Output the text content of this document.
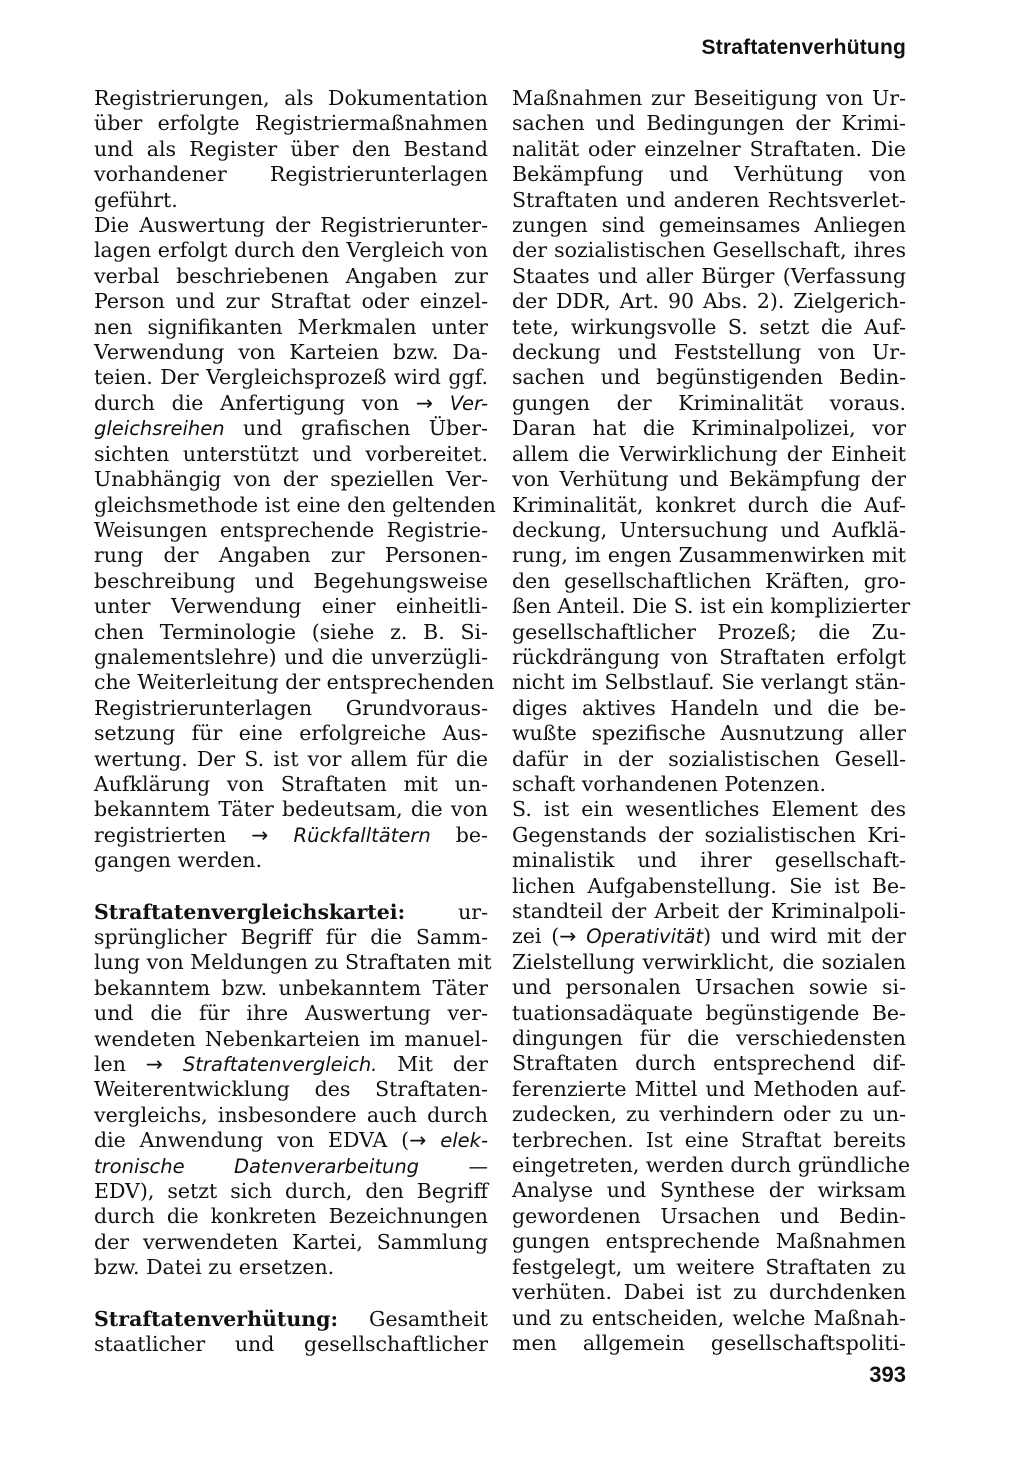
Straftatenverhütung

Registrierungen, als Dokumentation
über erfolgte Registriermaßnahmen
und als Register über den Bestand
vorhandener Registrierunterlagen
geführt.

Die Auswertung der Registrierunter-
lagen erfolgt durch den Vergleich von
verbal beschriebenen Angaben zur
Person und zur Straftat oder einzel-
nen signifikanten Merkmalen unter
Verwendung von Karteien bzw. Da-
teien. Der Vergleichsprozeß wird ggf.
durch die Anfertigung von → Ver-
gleichsreihen und grafischen Über-
sichten unterstützt und vorbereitet.
Unabhängig von der speziellen Ver-
gleichsmethode ist eine den geltenden
Weisungen entsprechende Registrie-
rung der Angaben zur Personen-
beschreibung und Begehungsweise
unter Verwendung einer einheitli-
chen Terminologie (siehe z. B. Si-
gnalementslehre) und die unverzügli-
che Weiterleitung der entsprechenden
Registrierunterlagen Grundvoraus-
setzung für eine erfolgreiche Aus-
wertung. Der S. ist vor allem für die
Aufklärung von Straftaten mit un-
bekanntem Täter bedeutsam, die von
registrierten → Rückfalltätern be-
gangen werden.

Straftatenvergleichskartei: ur-
sprünglicher Begriff für die Samm-
lung von Meldungen zu Straftaten mit
bekanntem bzw. unbekanntem Täter
und die für ihre Auswertung ver-
wendeten Nebenkarteien im manuel-
len → Straftatenvergleich. Mit der
Weiterentwicklung des Straftaten-
vergleichs, insbesondere auch durch
die Anwendung von EDVA (→ elek-
tronische Datenverarbeitung —
EDV), setzt sich durch, den Begriff
durch die konkreten Bezeichnungen
der verwendeten Kartei, Sammlung
bzw. Datei zu ersetzen.

Straftatenverhütung: Gesamtheit
staatlicher und gesellschaftlicher

Maßnahmen zur Beseitigung von Ur-
sachen und Bedingungen der Krimi-
nalität oder einzelner Straftaten. Die
Bekämpfung und Verhütung von
Straftaten und anderen Rechtsverlet-
zungen sind gemeinsames Anliegen
der sozialistischen Gesellschaft, ihres
Staates und aller Bürger (Verfassung
der DDR, Art. 90 Abs. 2). Zielgerich-
tete, wirkungsvolle S. setzt die Auf-
deckung und Feststellung von Ur-
sachen und begünstigenden Bedin-
gungen der Kriminalität voraus.
Daran hat die Kriminalpolizei, vor
allem die Verwirklichung der Einheit
von Verhütung und Bekämpfung der
Kriminalität, konkret durch die Auf-
deckung, Untersuchung und Aufklä-
rung, im engen Zusammenwirken mit
den gesellschaftlichen Kräften, gro-
ßen Anteil. Die S. ist ein komplizierter
gesellschaftlicher Prozeß; die Zu-
rückdrängung von Straftaten erfolgt
nicht im Selbstlauf. Sie verlangt stän-
diges aktives Handeln und die be-
wußte spezifische Ausnutzung aller
dafür in der sozialistischen Gesell-
schaft vorhandenen Potenzen.

S. ist ein wesentliches Element des
Gegenstands der sozialistischen Kri-
minalistik und ihrer gesellschaft-
lichen Aufgabenstellung. Sie ist Be-
standteil der Arbeit der Kriminalpoli-
zei (→ Operativität) und wird mit der
Zielstellung verwirklicht, die sozialen
und personalen Ursachen sowie si-
tuationsadäquate begünstigende Be-
dingungen für die verschiedensten
Straftaten durch entsprechend dif-
ferenzierte Mittel und Methoden auf-
zudecken, zu verhindern oder zu un-
terbrechen. Ist eine Straftat bereits
eingetreten, werden durch gründliche
Analyse und Synthese der wirksam
gewordenen Ursachen und Bedin-
gungen entsprechende Maßnahmen
festgelegt, um weitere Straftaten zu
verhüten. Dabei ist zu durchdenken
und zu entscheiden, welche Maßnah-
men allgemein gesellschaftspoliti-

393
